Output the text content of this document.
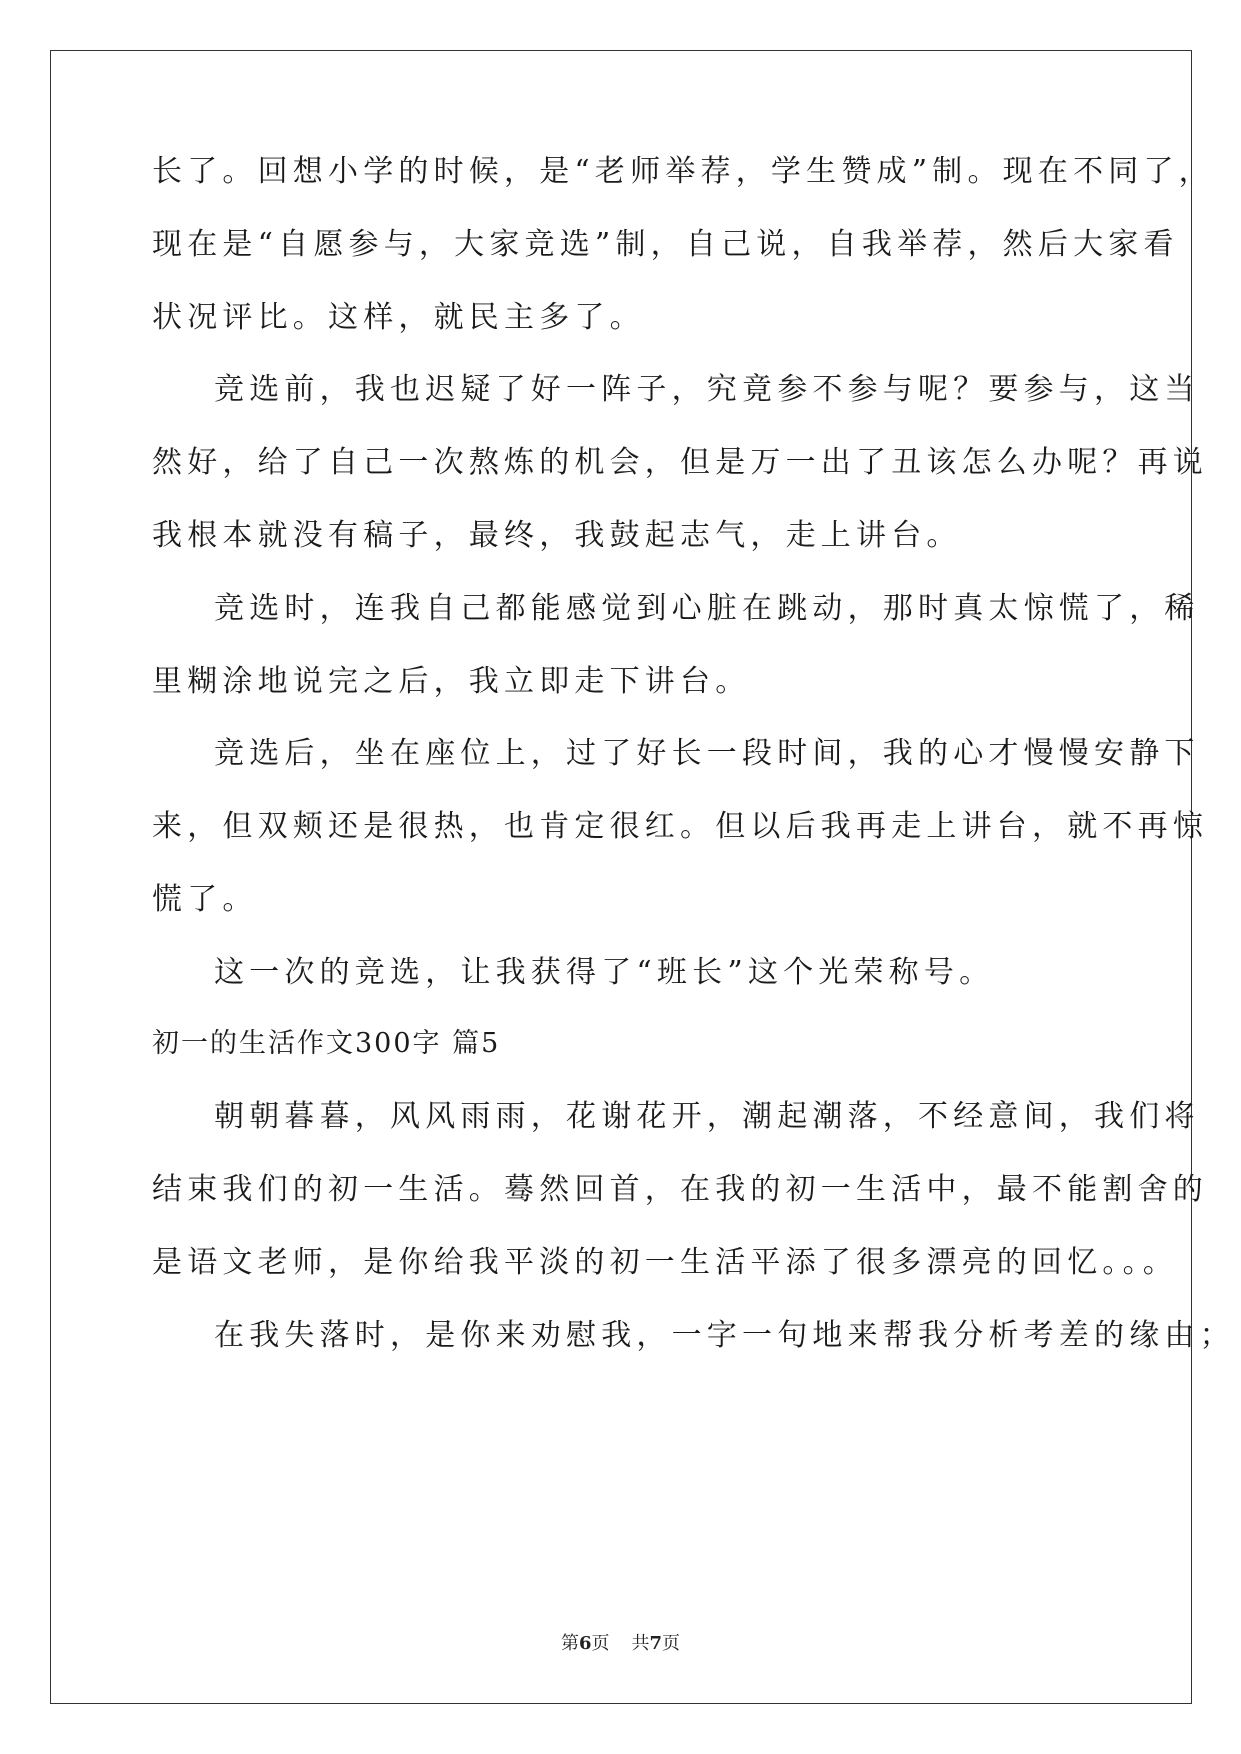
长了。回想小学的时候，是“老师举荐，学生赞成”制。现在不同了，
现在是“自愿参与，大家竞选”制，自己说，自我举荐，然后大家看
状况评比。这样，就民主多了。
竞选前，我也迟疑了好一阵子，究竟参不参与呢？要参与，这当
然好，给了自己一次熬炼的机会，但是万一出了丑该怎么办呢？再说
我根本就没有稿子，最终，我鼓起志气，走上讲台。
竞选时，连我自己都能感觉到心脏在跳动，那时真太惊慌了，稀
里糊涂地说完之后，我立即走下讲台。
竞选后，坐在座位上，过了好长一段时间，我的心才慢慢安静下
来，但双颊还是很热，也肯定很红。但以后我再走上讲台，就不再惊
慌了。
这一次的竞选，让我获得了“班长”这个光荣称号。
初一的生活作文300字 篇5
朝朝暮暮，风风雨雨，花谢花开，潮起潮落，不经意间，我们将
结束我们的初一生活。蓦然回首，在我的初一生活中，最不能割舍的
是语文老师，是你给我平淡的初一生活平添了很多漂亮的回忆。。。
在我失落时，是你来劝慰我，一字一句地来帮我分析考差的缘由；
第6页 共7页
